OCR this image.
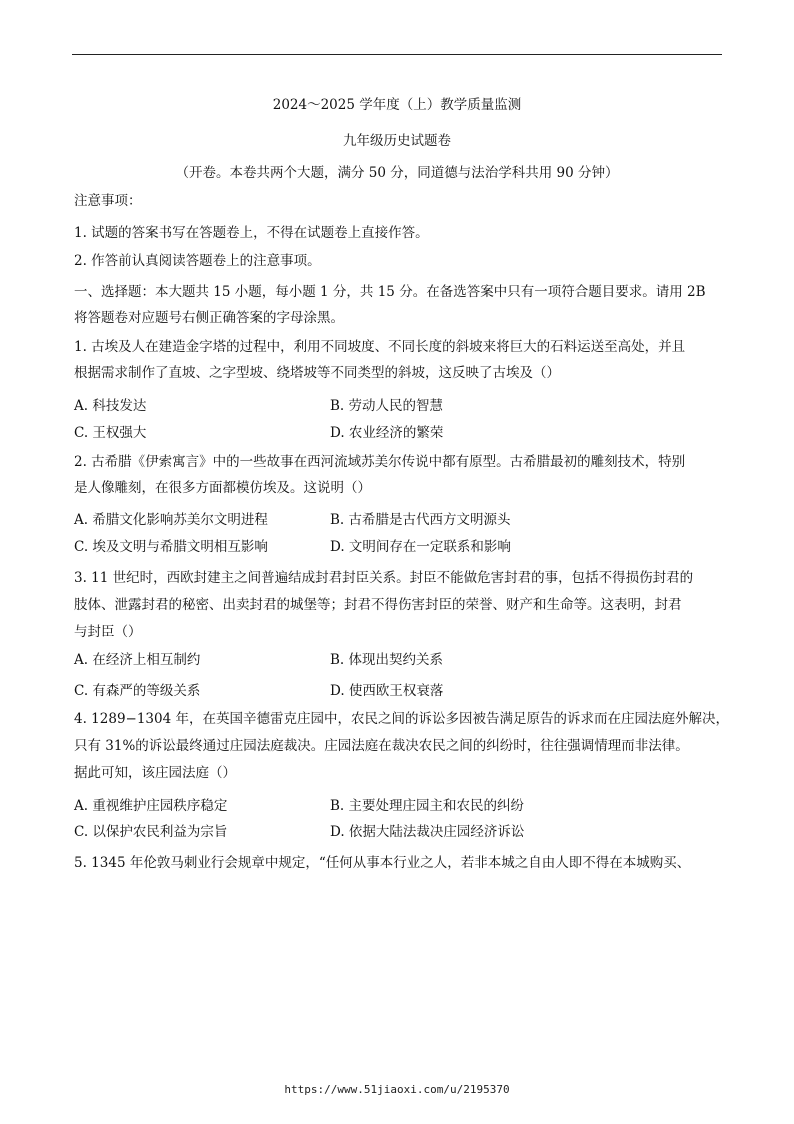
2024～2025 学年度（上）教学质量监测
九年级历史试题卷
（开卷。本卷共两个大题，满分 50 分，同道德与法治学科共用 90 分钟）
注意事项：
1. 试题的答案书写在答题卷上，不得在试题卷上直接作答。
2. 作答前认真阅读答题卷上的注意事项。
一、选择题：本大题共 15 小题，每小题 1 分，共 15 分。在备选答案中只有一项符合题目要求。请用 2B
将答题卷对应题号右侧正确答案的字母涂黑。
1. 古埃及人在建造金字塔的过程中，利用不同坡度、不同长度的斜坡来将巨大的石料运送至高处，并且
根据需求制作了直坡、之字型坡、绕塔坡等不同类型的斜坡，这反映了古埃及（）
A. 科技发达	B. 劳动人民的智慧
C. 王权强大	D. 农业经济的繁荣
2. 古希腊《伊索寓言》中的一些故事在西河流域苏美尔传说中都有原型。古希腊最初的雕刻技术，特别
是人像雕刻，在很多方面都模仿埃及。这说明（）
A. 希腊文化影响苏美尔文明进程	B. 古希腊是古代西方文明源头
C. 埃及文明与希腊文明相互影响	D. 文明间存在一定联系和影响
3. 11 世纪时，西欧封建主之间普遍结成封君封臣关系。封臣不能做危害封君的事，包括不得损伤封君的
肢体、泄露封君的秘密、出卖封君的城堡等；封君不得伤害封臣的荣誉、财产和生命等。这表明，封君
与封臣（）
A. 在经济上相互制约	B. 体现出契约关系
C. 有森严的等级关系	D. 使西欧王权衰落
4. 1289−1304 年，在英国辛德雷克庄园中，农民之间的诉讼多因被告满足原告的诉求而在庄园法庭外解决，
只有 31%的诉讼最终通过庄园法庭裁决。庄园法庭在裁决农民之间的纠纷时，往往强调情理而非法律。
据此可知，该庄园法庭（）
A. 重视维护庄园秩序稳定	B. 主要处理庄园主和农民的纠纷
C. 以保护农民利益为宗旨	D. 依据大陆法裁决庄园经济诉讼
5. 1345 年伦敦马刺业行会规章中规定，“任何从事本行业之人，若非本城之自由人即不得在本城购买、
https://www.51jiaoxi.com/u/2195370
